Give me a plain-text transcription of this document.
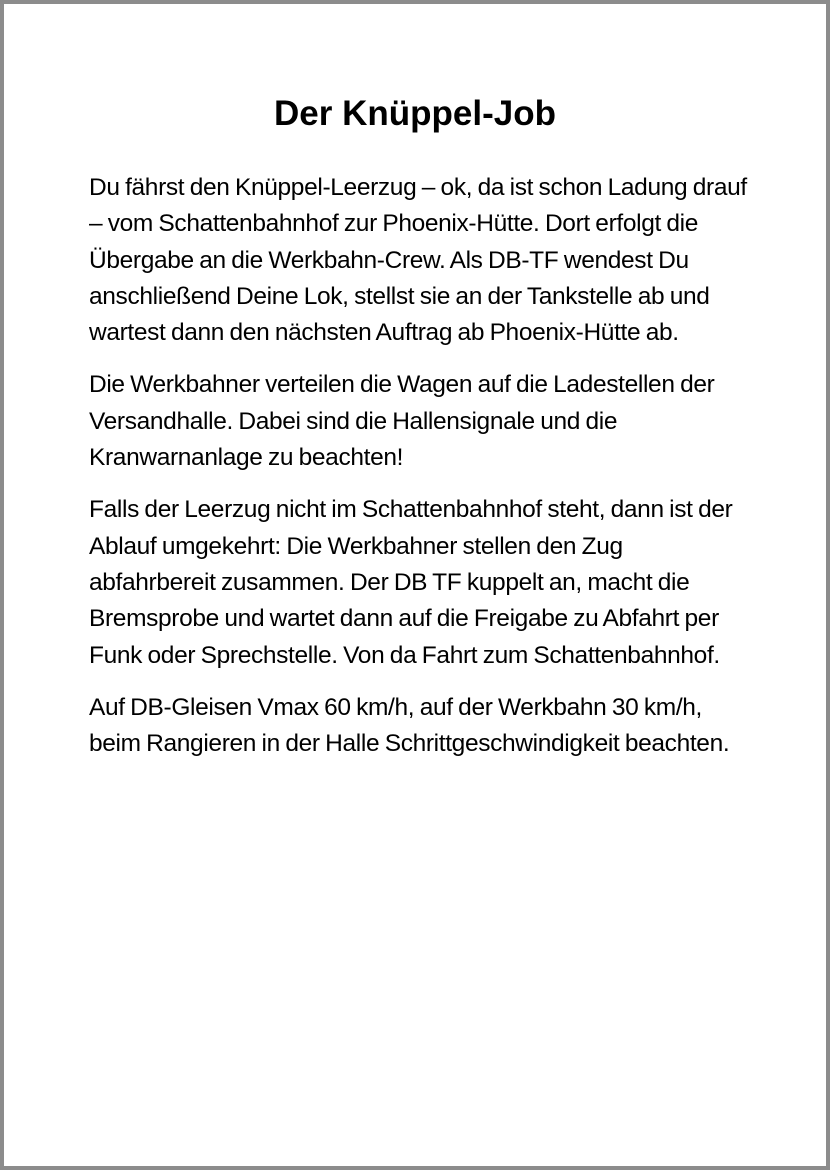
Der Knüppel-Job

Du fährst den Knüppel-Leerzug – ok, da ist schon Ladung drauf – vom Schattenbahnhof zur Phoenix-Hütte. Dort erfolgt die Übergabe an die Werkbahn-Crew. Als DB-TF wendest Du anschließend Deine Lok, stellst sie an der Tankstelle ab und wartest dann den nächsten Auftrag ab Phoenix-Hütte ab.

Die Werkbahner verteilen die Wagen auf die Ladestellen der Versandhalle. Dabei sind die Hallensignale und die Kranwarnanlage zu beachten!

Falls der Leerzug nicht im Schattenbahnhof steht, dann ist der Ablauf umgekehrt: Die Werkbahner stellen den Zug abfahrbereit zusammen. Der DB TF kuppelt an, macht die Bremsprobe und wartet dann auf die Freigabe zu Abfahrt per Funk oder Sprechstelle. Von da Fahrt zum Schattenbahnhof.

Auf DB-Gleisen Vmax 60 km/h, auf der Werkbahn 30 km/h, beim Rangieren in der Halle Schrittgeschwindigkeit beachten.
